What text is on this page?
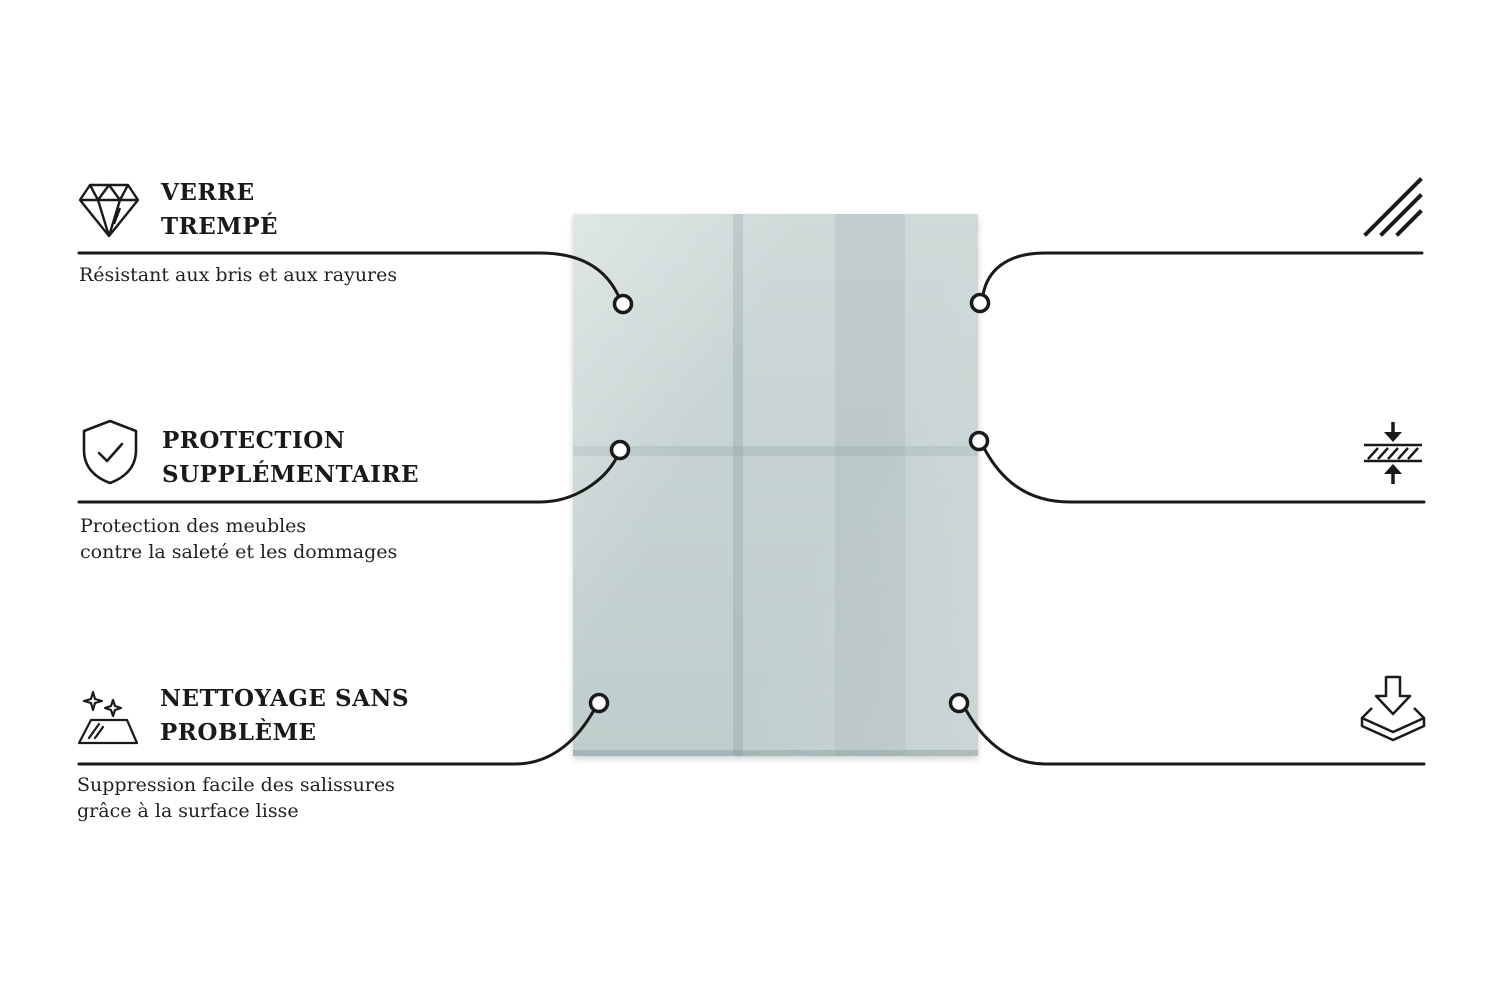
VERRE
TREMPÉ
Résistant aux bris et aux rayures
PROTECTION
SUPPLÉMENTAIRE
Protection des meubles
contre la saleté et les dommages
NETTOYAGE SANS
PROBLÈME
Suppression facile des salissures
grâce à la surface lisse
